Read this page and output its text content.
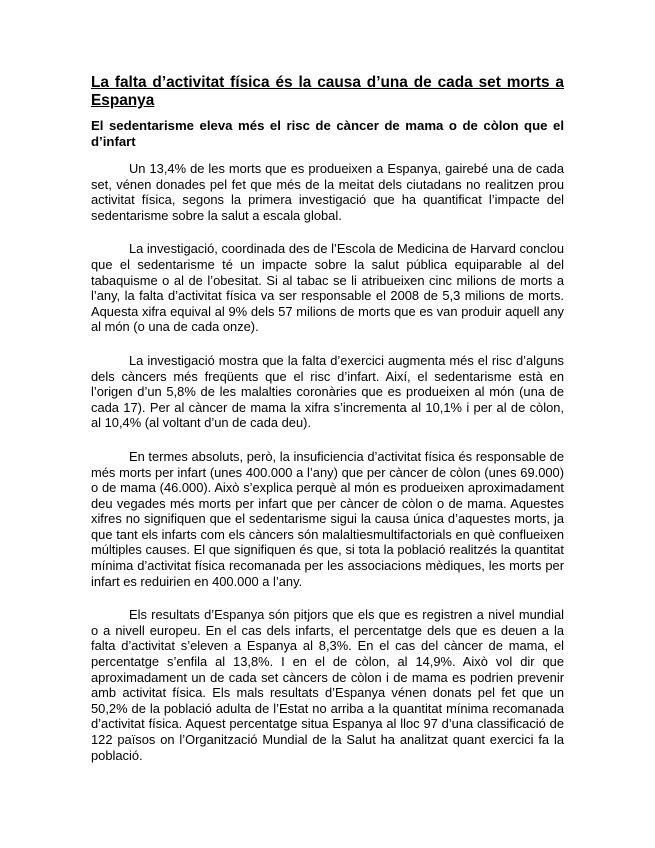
La falta d’activitat física és la causa d’una de cada set morts a Espanya
El sedentarisme eleva més el risc de càncer de mama o de còlon que el d’infart

Un 13,4% de les morts que es produeixen a Espanya, gairebé una de cada set, vénen donades pel fet que més de la meitat dels ciutadans no realitzen prou activitat física, segons la primera investigació que ha quantificat l’impacte del sedentarisme sobre la salut a escala global.

La investigació, coordinada des de l’Escola de Medicina de Harvard conclou que el sedentarisme té un impacte sobre la salut pública equiparable al del tabaquisme o al de l’obesitat. Si al tabac se li atribueixen cinc milions de morts a l’any, la falta d’activitat física va ser responsable el 2008 de 5,3 milions de morts. Aquesta xifra equival al 9% dels 57 milions de morts que es van produir aquell any al món (o una de cada onze).

La investigació mostra que la falta d’exercici augmenta més el risc d’alguns dels càncers més freqüents que el risc d’infart. Així, el sedentarisme està en l’origen d’un 5,8% de les malalties coronàries que es produeixen al món (una de cada 17). Per al càncer de mama la xifra s’incrementa al 10,1% i per al de còlon, al 10,4% (al voltant d’un de cada deu).

En termes absoluts, però, la insuficiencia d’activitat física és responsable de més morts per infart (unes 400.000 a l’any) que per càncer de còlon (unes 69.000) o de mama (46.000). Això s’explica perquè al món es produeixen aproximadament deu vegades més morts per infart que per càncer de còlon o de mama. Aquestes xifres no signifiquen que el sedentarisme sigui la causa única d’aquestes morts, ja que tant els infarts com els càncers són malaltiesmultifactorials en què conflueixen múltiples causes. El que signifiquen és que, si tota la població realitzés la quantitat mínima d’activitat física recomanada per les associacions mèdiques, les morts per infart es reduirien en 400.000 a l’any.

Els resultats d’Espanya són pitjors que els que es registren a nivel mundial o a nivell europeu. En el cas dels infarts, el percentatge dels que es deuen a la falta d’activitat s’eleven a Espanya al 8,3%. En el cas del càncer de mama, el percentatge s’enfila al 13,8%. I en el de còlon, al 14,9%. Això vol dir que aproximadament un de cada set càncers de còlon i de mama es podrien prevenir amb activitat física. Els mals resultats d’Espanya vénen donats pel fet que un 50,2% de la població adulta de l’Estat no arriba a la quantitat mínima recomanada d’activitat física. Aquest percentatge situa Espanya al lloc 97 d’una classificació de 122 països on l’Organització Mundial de la Salut ha analitzat quant exercici fa la població.
